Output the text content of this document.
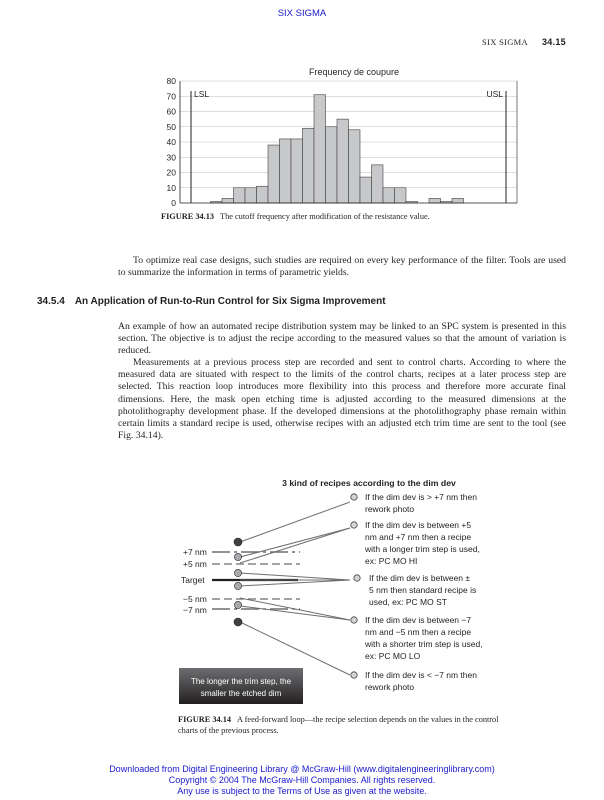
SIX SIGMA
SIX SIGMA 34.15
Frequency de coupure
0
10
20
30
40
50
60
70
80
LSL	USL
FIGURE 34.13 The cutoff frequency after modification of the resistance value.
To optimize real case designs, such studies are required on every key performance of the filter. Tools are used to summarize the information in terms of parametric yields.
34.5.4 An Application of Run-to-Run Control for Six Sigma Improvement
An example of how an automated recipe distribution system may be linked to an SPC system is presented in this section. The objective is to adjust the recipe according to the measured values so that the amount of variation is reduced.
Measurements at a previous process step are recorded and sent to control charts. According to where the measured data are situated with respect to the limits of the control charts, recipes at a later process step are selected. This reaction loop introduces more flexibility into this process and therefore more accurate final dimensions. Here, the mask open etching time is adjusted according to the measured dimensions at the photolithography development phase. If the developed dimensions at the photolithography phase remain within certain limits a standard recipe is used, otherwise recipes with an adjusted etch trim time are sent to the tool (see Fig. 34.14).
3 kind of recipes according to the dim dev
+7 nm
+5 nm
Target
−5 nm
−7 nm
If the dim dev is > +7 nm then
rework photo
If the dim dev is between +5
nm and +7 nm then a recipe
with a longer trim step is used,
ex: PC MO HI
If the dim dev is between ±
5 nm then standard recipe is
used, ex: PC MO ST
If the dim dev is between −7
nm and −5 nm then a recipe
with a shorter trim step is used,
ex: PC MO LO
If the dim dev is < −7 nm then
rework photo
The longer the trim step, the
smaller the etched dim
FIGURE 34.14 A feed-forward loop—the recipe selection depends on the values in the control charts of the previous process.
Downloaded from Digital Engineering Library @ McGraw-Hill (www.digitalengineeringlibrary.com)
Copyright © 2004 The McGraw-Hill Companies. All rights reserved.
Any use is subject to the Terms of Use as given at the website.
